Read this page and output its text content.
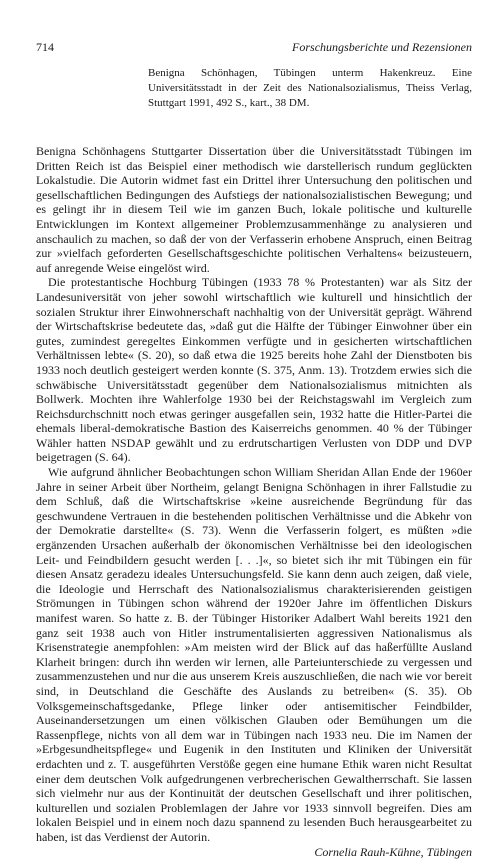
714	Forschungsberichte und Rezensionen
Benigna Schönhagen, Tübingen unterm Hakenkreuz. Eine Universitätsstadt in der Zeit des Nationalsozialismus, Theiss Verlag, Stuttgart 1991, 492 S., kart., 38 DM.

Benigna Schönhagens Stuttgarter Dissertation über die Universitätsstadt Tübingen im Dritten Reich ist das Beispiel einer methodisch wie darstellerisch rundum geglückten Lokalstudie. Die Autorin widmet fast ein Drittel ihrer Untersuchung den politischen und gesellschaftlichen Bedingungen des Aufstiegs der nationalsozialistischen Bewegung; und es gelingt ihr in diesem Teil wie im ganzen Buch, lokale politische und kulturelle Entwicklungen im Kontext allgemeiner Problemzusammenhänge zu analysieren und anschaulich zu machen, so daß der von der Verfasserin erhobene Anspruch, einen Beitrag zur »vielfach geforderten Gesellschaftsgeschichte politischen Verhaltens« beizusteuern, auf anregende Weise eingelöst wird.

Die protestantische Hochburg Tübingen (1933 78 % Protestanten) war als Sitz der Landesuniversität von jeher sowohl wirtschaftlich wie kulturell und hinsichtlich der sozialen Struktur ihrer Einwohnerschaft nachhaltig von der Universität geprägt. Während der Wirtschaftskrise bedeutete das, »daß gut die Hälfte der Tübinger Einwohner über ein gutes, zumindest geregeltes Einkommen verfügte und in gesicherten wirtschaftlichen Verhältnissen lebte« (S. 20), so daß etwa die 1925 bereits hohe Zahl der Dienstboten bis 1933 noch deutlich gesteigert werden konnte (S. 375, Anm. 13). Trotzdem erwies sich die schwäbische Universitätsstadt gegenüber dem Nationalsozialismus mitnichten als Bollwerk. Mochten ihre Wahlerfolge 1930 bei der Reichstagswahl im Vergleich zum Reichsdurchschnitt noch etwas geringer ausgefallen sein, 1932 hatte die Hitler-Partei die ehemals liberal-demokratische Bastion des Kaiserreichs genommen. 40 % der Tübinger Wähler hatten NSDAP gewählt und zu erdrutschartigen Verlusten von DDP und DVP beigetragen (S. 64).

Wie aufgrund ähnlicher Beobachtungen schon William Sheridan Allan Ende der 1960er Jahre in seiner Arbeit über Northeim, gelangt Benigna Schönhagen in ihrer Fallstudie zu dem Schluß, daß die Wirtschaftskrise »keine ausreichende Begründung für das geschwundene Vertrauen in die bestehenden politischen Verhältnisse und die Abkehr von der Demokratie darstellte« (S. 73). Wenn die Verfasserin folgert, es müßten »die ergänzenden Ursachen außerhalb der ökonomischen Verhältnisse bei den ideologischen Leit- und Feindbildern gesucht werden [. . .]«, so bietet sich ihr mit Tübingen ein für diesen Ansatz geradezu ideales Untersuchungsfeld. Sie kann denn auch zeigen, daß viele, die Ideologie und Herrschaft des Nationalsozialismus charakterisierenden geistigen Strömungen in Tübingen schon während der 1920er Jahre im öffentlichen Diskurs manifest waren. So hatte z. B. der Tübinger Historiker Adalbert Wahl bereits 1921 den ganz seit 1938 auch von Hitler instrumentalisierten aggressiven Nationalismus als Krisenstrategie anempfohlen: »Am meisten wird der Blick auf das haßerfüllte Ausland Klarheit bringen: durch ihn werden wir lernen, alle Parteiunterschiede zu vergessen und zusammenzustehen und nur die aus unserem Kreis auszuschließen, die nach wie vor bereit sind, in Deutschland die Geschäfte des Auslands zu betreiben« (S. 35). Ob Volksgemeinschaftsgedanke, Pflege linker oder antisemitischer Feindbilder, Auseinandersetzungen um einen völkischen Glauben oder Bemühungen um die Rassenpflege, nichts von all dem war in Tübingen nach 1933 neu. Die im Namen der »Erbgesundheitspflege« und Eugenik in den Instituten und Kliniken der Universität erdachten und z. T. ausgeführten Verstöße gegen eine humane Ethik waren nicht Resultat einer dem deutschen Volk aufgedrungenen verbrecherischen Gewaltherrschaft. Sie lassen sich vielmehr nur aus der Kontinuität der deutschen Gesellschaft und ihrer politischen, kulturellen und sozialen Problemlagen der Jahre vor 1933 sinnvoll begreifen. Dies am lokalen Beispiel und in einem noch dazu spannend zu lesenden Buch herausgearbeitet zu haben, ist das Verdienst der Autorin.

Cornelia Rauh-Kühne, Tübingen
